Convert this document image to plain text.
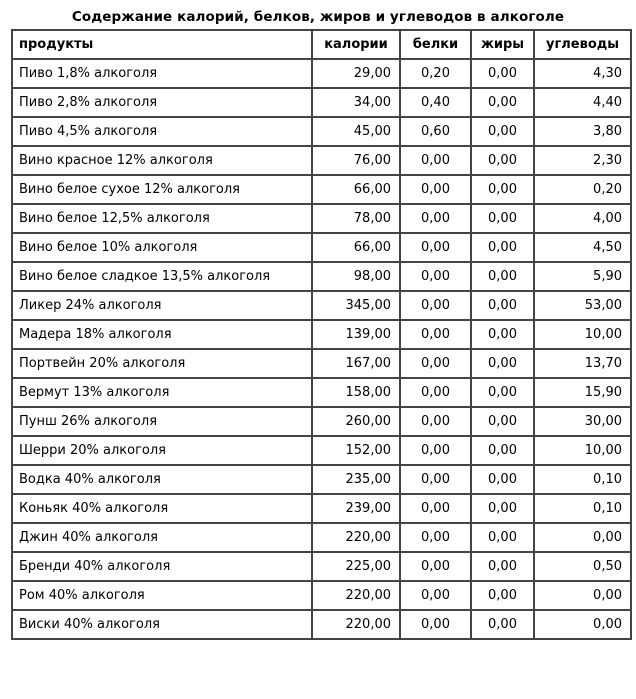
Содержание калорий, белков, жиров и углеводов в алкоголе
продукты	калории	белки	жиры	углеводы
Пиво 1,8% алкоголя	29,00	0,20	0,00	4,30
Пиво 2,8% алкоголя	34,00	0,40	0,00	4,40
Пиво 4,5% алкоголя	45,00	0,60	0,00	3,80
Вино красное 12% алкоголя	76,00	0,00	0,00	2,30
Вино белое сухое 12% алкоголя	66,00	0,00	0,00	0,20
Вино белое 12,5% алкоголя	78,00	0,00	0,00	4,00
Вино белое 10% алкоголя	66,00	0,00	0,00	4,50
Вино белое сладкое 13,5% алкоголя	98,00	0,00	0,00	5,90
Ликер 24% алкоголя	345,00	0,00	0,00	53,00
Мадера 18% алкоголя	139,00	0,00	0,00	10,00
Портвейн 20% алкоголя	167,00	0,00	0,00	13,70
Вермут 13% алкоголя	158,00	0,00	0,00	15,90
Пунш 26% алкоголя	260,00	0,00	0,00	30,00
Шерри 20% алкоголя	152,00	0,00	0,00	10,00
Водка 40% алкоголя	235,00	0,00	0,00	0,10
Коньяк 40% алкоголя	239,00	0,00	0,00	0,10
Джин 40% алкоголя	220,00	0,00	0,00	0,00
Бренди 40% алкоголя	225,00	0,00	0,00	0,50
Ром 40% алкоголя	220,00	0,00	0,00	0,00
Виски 40% алкоголя	220,00	0,00	0,00	0,00
